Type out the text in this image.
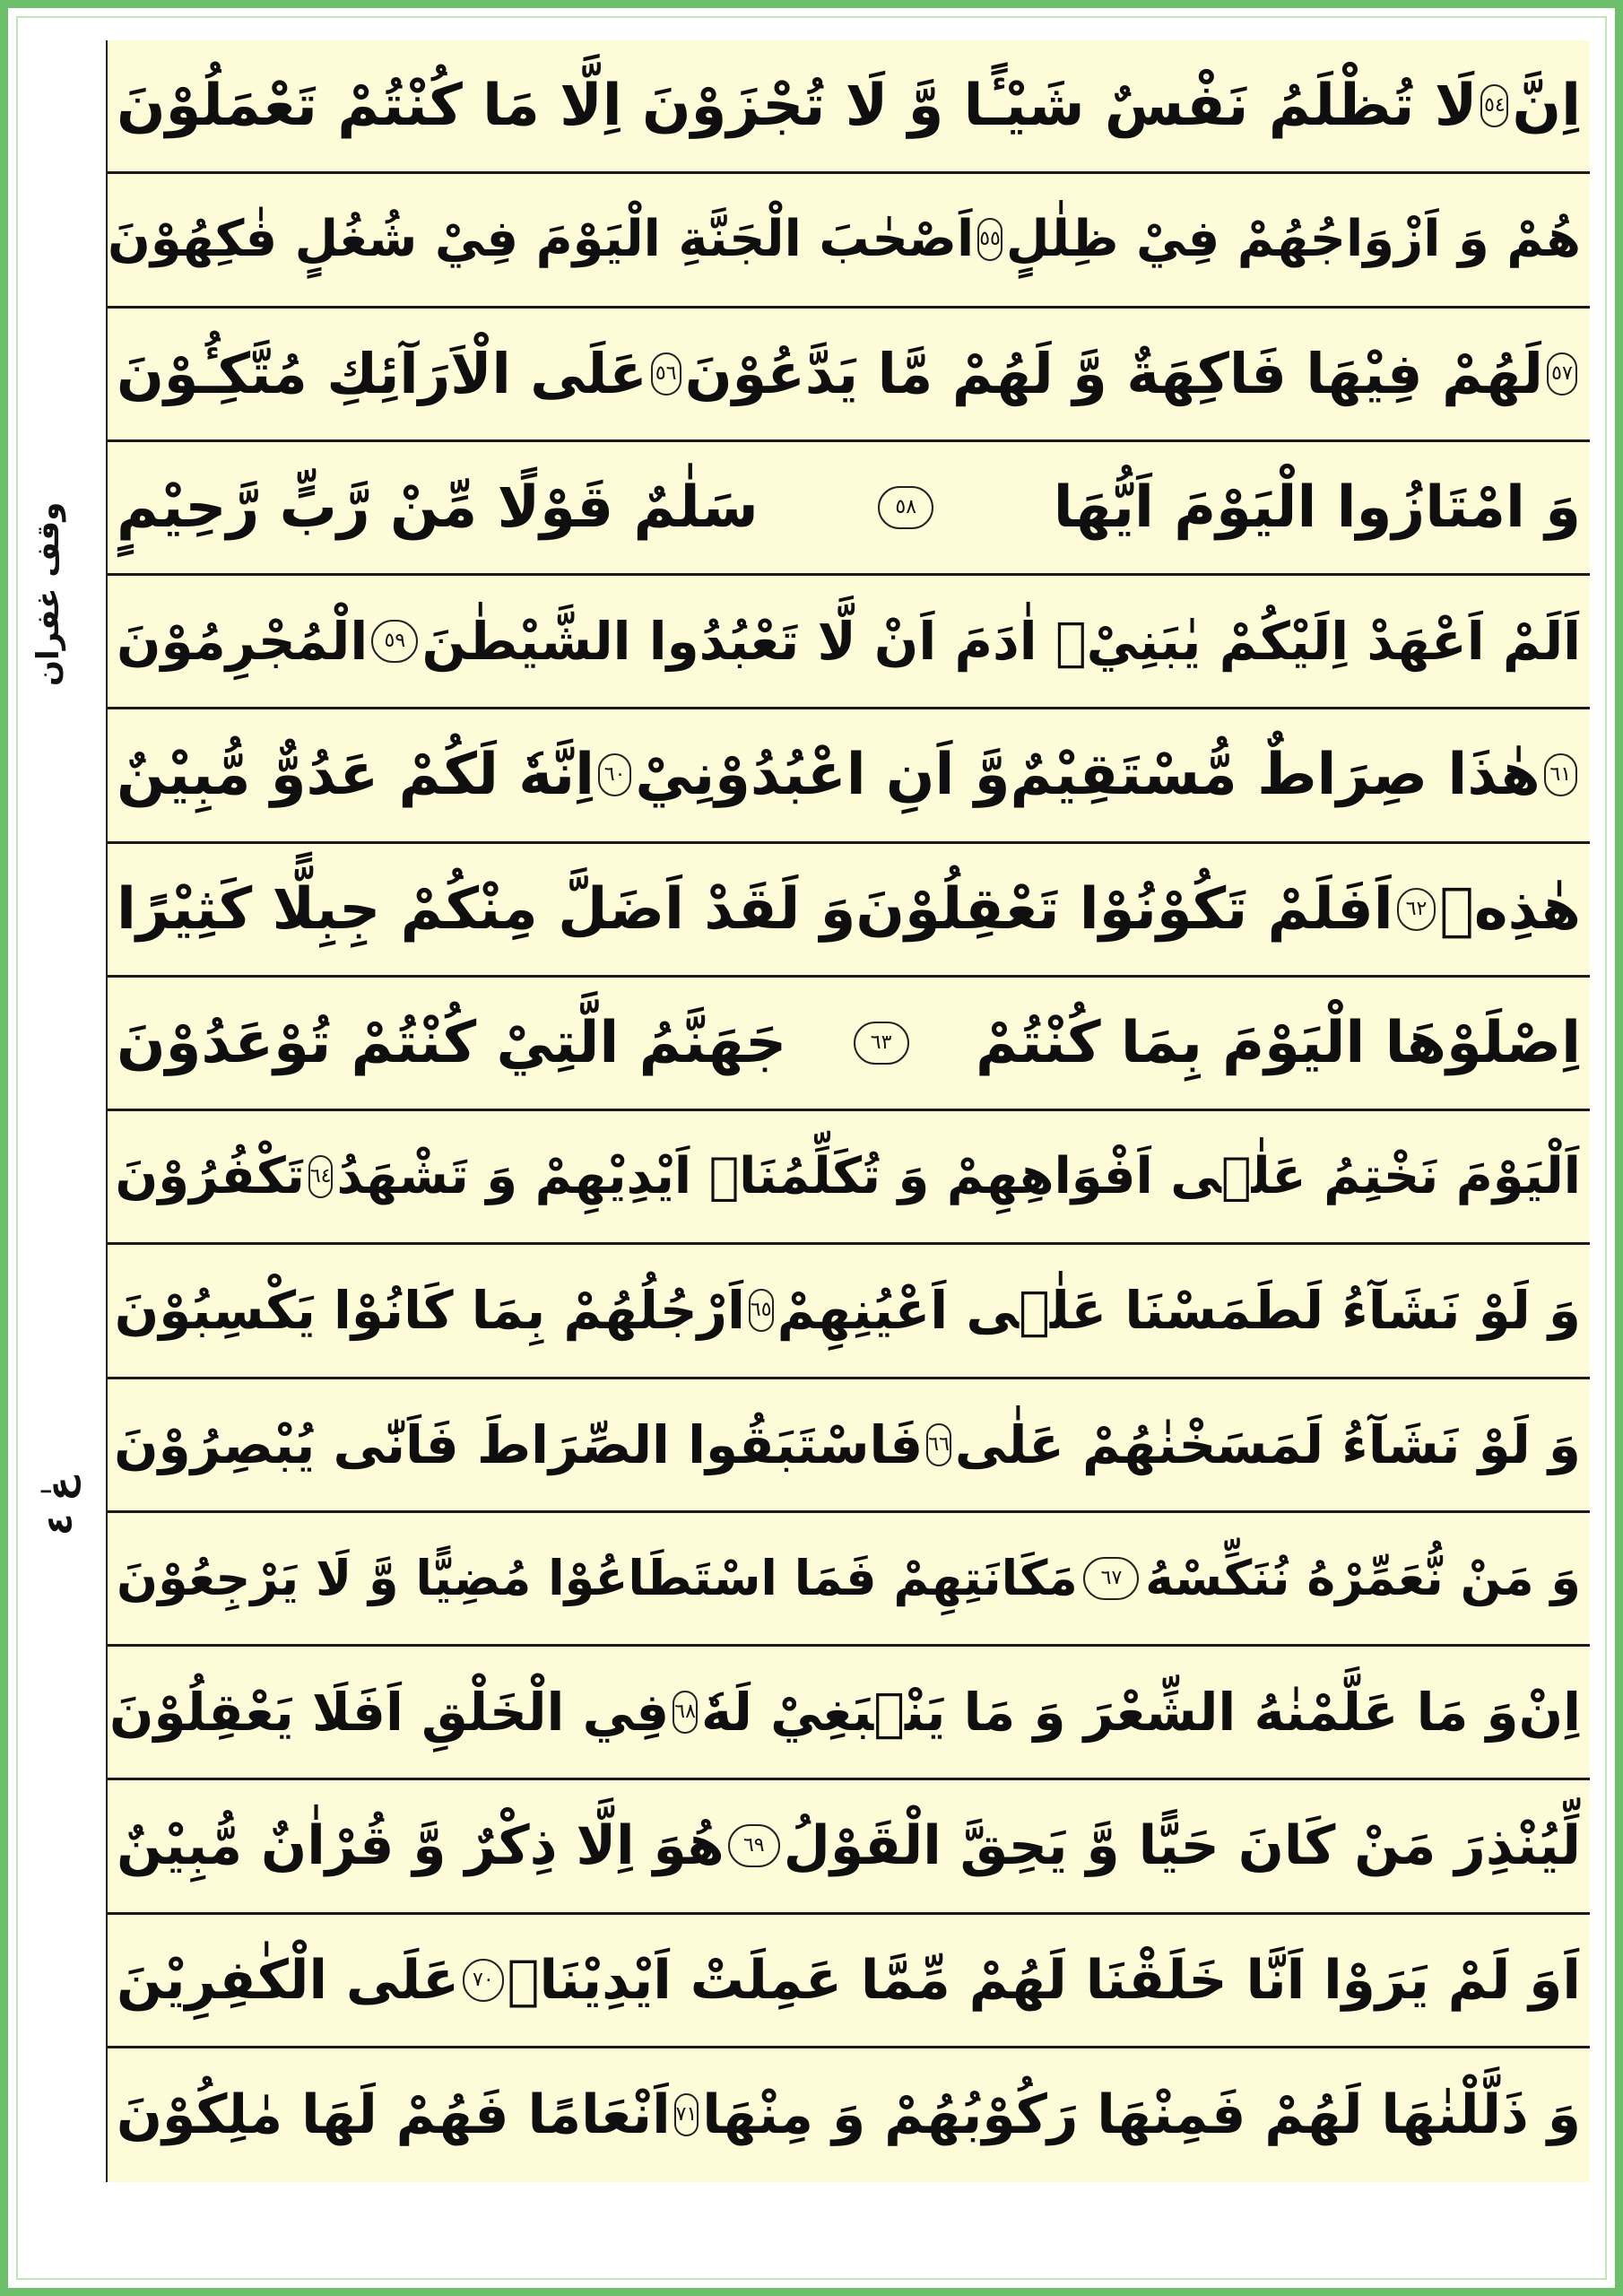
وقف غفران
عٰ ٤
اِنَّ
٥٤
لَا تُظْلَمُ نَفْسٌ شَيْـًٔا وَّ لَا تُجْزَوْنَ اِلَّا مَا كُنْتُمْ تَعْمَلُوْنَ
هُمْ وَ اَزْوَاجُهُمْ فِيْ ظِلٰلٍ
٥٥
اَصْحٰبَ الْجَنَّةِ الْيَوْمَ فِيْ شُغُلٍ فٰكِهُوْنَ
٥٧
لَهُمْ فِيْهَا فَاكِهَةٌ وَّ لَهُمْ مَّا يَدَّعُوْنَ
٥٦
عَلَى الْاَرَآئِكِ مُتَّكِـُٔوْنَ
وَ امْتَازُوا الْيَوْمَ اَيُّهَا
٥٨
سَلٰمٌ قَوْلًا مِّنْ رَّبٍّ رَّحِيْمٍ
اَلَمْ اَعْهَدْ اِلَيْكُمْ يٰبَنِيْۤ اٰدَمَ اَنْ لَّا تَعْبُدُوا الشَّيْطٰنَ
٥٩
الْمُجْرِمُوْنَ
٦١
هٰذَا صِرَاطٌ مُّسْتَقِيْمٌ
وَّ اَنِ اعْبُدُوْنِيْ
٦٠
اِنَّهٗ لَكُمْ عَدُوٌّ مُّبِيْنٌ
هٰذِهٖ
٦٢
اَفَلَمْ تَكُوْنُوْا تَعْقِلُوْنَ
وَ لَقَدْ اَضَلَّ مِنْكُمْ جِبِلًّا كَثِيْرًا
اِصْلَوْهَا الْيَوْمَ بِمَا كُنْتُمْ
٦٣
جَهَنَّمُ الَّتِيْ كُنْتُمْ تُوْعَدُوْنَ
اَلْيَوْمَ نَخْتِمُ عَلٰۤى اَفْوَاهِهِمْ وَ تُكَلِّمُنَاۤ اَيْدِيْهِمْ وَ تَشْهَدُ
٦٤
تَكْفُرُوْنَ
وَ لَوْ نَشَآءُ لَطَمَسْنَا عَلٰۤى اَعْيُنِهِمْ
٦٥
اَرْجُلُهُمْ بِمَا كَانُوْا يَكْسِبُوْنَ
وَ لَوْ نَشَآءُ لَمَسَخْنٰهُمْ عَلٰى
٦٦
فَاسْتَبَقُوا الصِّرَاطَ فَاَنّٰى يُبْصِرُوْنَ
وَ مَنْ نُّعَمِّرْهُ نُنَكِّسْهُ
٦٧
مَكَانَتِهِمْ فَمَا اسْتَطَاعُوْا مُضِيًّا وَّ لَا يَرْجِعُوْنَ
اِنْ
وَ مَا عَلَّمْنٰهُ الشِّعْرَ وَ مَا يَنْۢبَغِيْ لَهٗ
٦٨
فِي الْخَلْقِ اَفَلَا يَعْقِلُوْنَ
لِّيُنْذِرَ مَنْ كَانَ حَيًّا وَّ يَحِقَّ الْقَوْلُ
٦٩
هُوَ اِلَّا ذِكْرٌ وَّ قُرْاٰنٌ مُّبِيْنٌ
اَوَ لَمْ يَرَوْا اَنَّا خَلَقْنَا لَهُمْ مِّمَّا عَمِلَتْ اَيْدِيْنَاۤ
٧٠
عَلَى الْكٰفِرِيْنَ
وَ ذَلَّلْنٰهَا لَهُمْ فَمِنْهَا رَكُوْبُهُمْ وَ مِنْهَا
٧١
اَنْعَامًا فَهُمْ لَهَا مٰلِكُوْنَ
